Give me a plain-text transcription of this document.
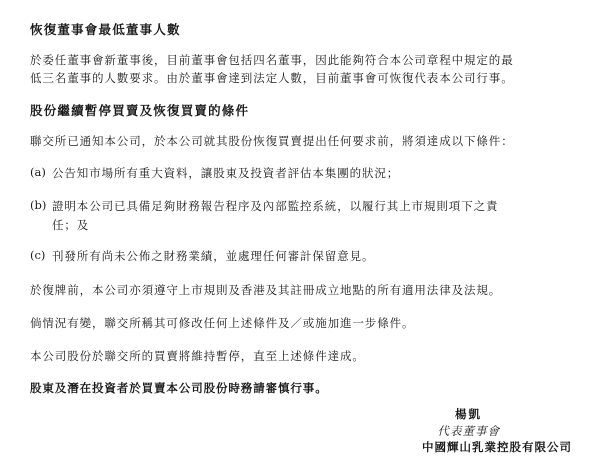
恢復董事會最低董事人數
於委任董事會新董事後，目前董事會包括四名董事，因此能夠符合本公司章程中規定的最
低三名董事的人數要求。由於董事會達到法定人數，目前董事會可恢復代表本公司行事。
股份繼續暫停買賣及恢復買賣的條件
聯交所已通知本公司，於本公司就其股份恢復買賣提出任何要求前，將須達成以下條件：
(a) 公告知市場所有重大資料，讓股東及投資者評估本集團的狀況；
(b) 證明本公司已具備足夠財務報告程序及內部監控系統，以履行其上市規則項下之責
任；及
(c) 刊發所有尚未公佈之財務業績，並處理任何審計保留意見。
於復牌前，本公司亦須遵守上市規則及香港及其註冊成立地點的所有適用法律及法規。
倘情況有變，聯交所稱其可修改任何上述條件及／或施加進一步條件。
本公司股份於聯交所的買賣將維持暫停，直至上述條件達成。
股東及潛在投資者於買賣本公司股份時務請審慎行事。
楊凱
代表董事會
中國輝山乳業控股有限公司
